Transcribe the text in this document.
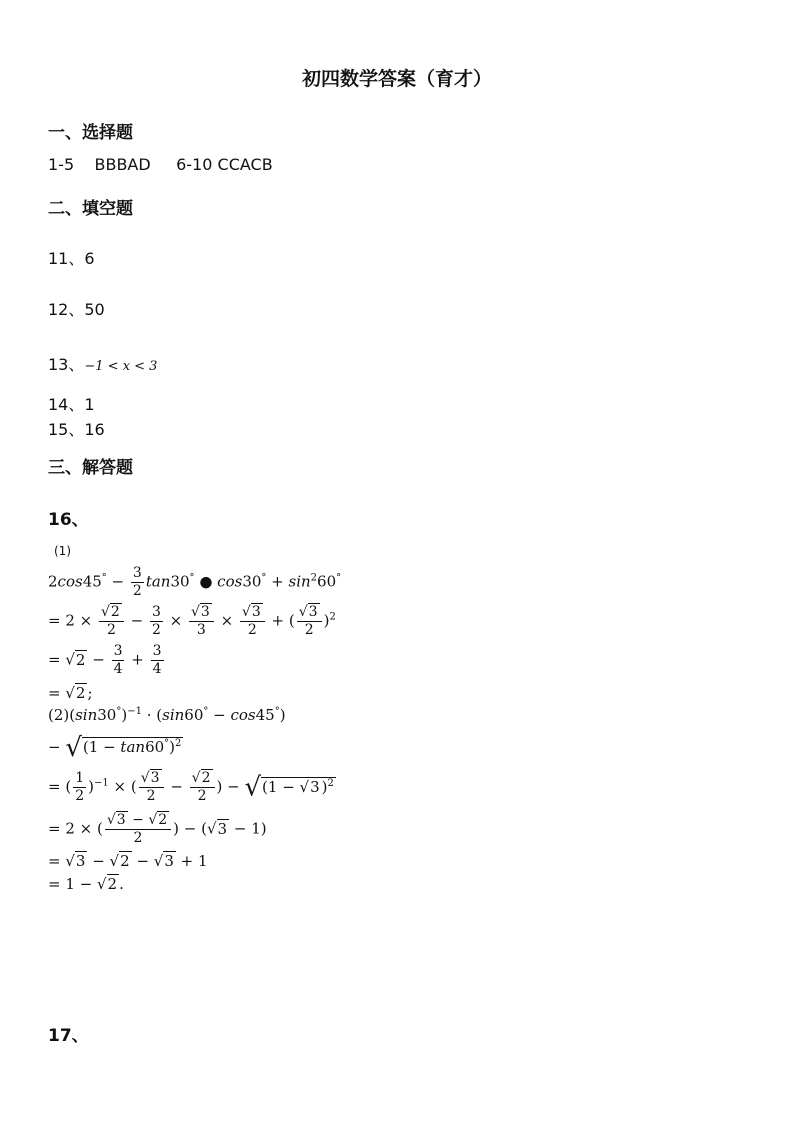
初四数学答案（育才）
一、选择题
1-5 BBBAD 6-10 CCACB
二、填空题
11、6
12、50
13、−1 < x < 3
14、1
15、16
三、解答题
16、
(1)
$2\cos 45^\circ - \frac{3}{2} \tan 30^\circ$ ● $\cos 30^\circ + \sin^260^\circ$
= $2 \times \frac{√2}{2} - \frac{3}{2} \times \frac{√3}{3} \times \frac{√3}{2}$ + ( $\frac{√3}{2} )^2$
= $√2 - \frac{3}{4} + \frac{3}{4}$
= √2 ;
$(2)(\sin 30^\circ)^{-1} \cdot (\sin 60^\circ - \cos 45^\circ)$
− $√(1 - \tan 60^\circ)^2$
= ( $\frac{1}{2} )^{-1}$ × ( $\frac{√3}{2} - \frac{√2}{2}$ ) − √(1 − √3 )$^2$
= 2 × ( $\frac{√3 - √2}{2}$ ) − (√3 − 1)
= √3 − √2 − √3 + 1
= 1 − √2 .
17、
